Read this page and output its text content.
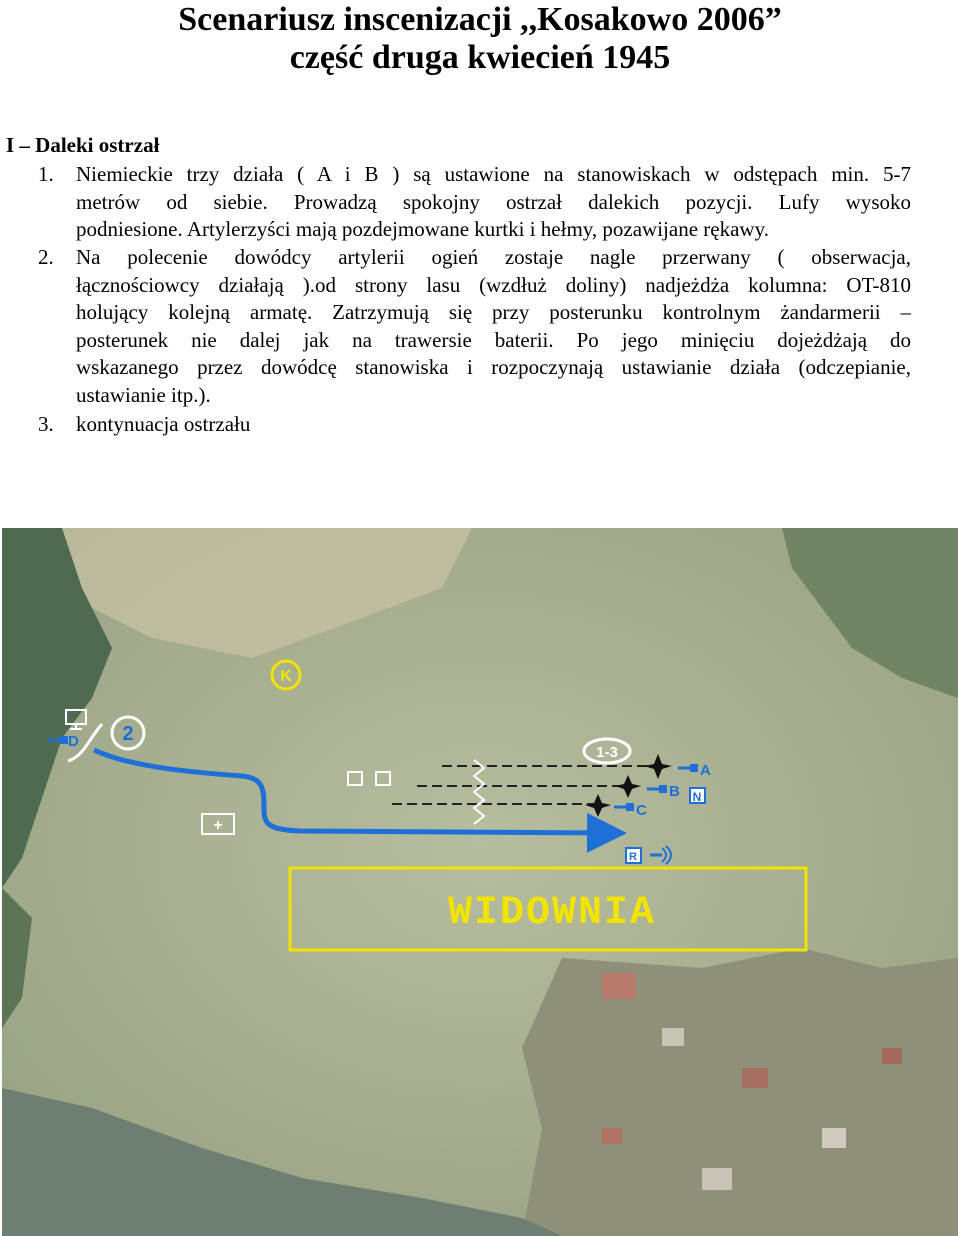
Scenariusz inscenizacji ,,Kosakowo 2006”
część druga kwiecień 1945
I – Daleki ostrzał
1. Niemieckie trzy działa ( A i B ) są ustawione na stanowiskach w odstępach min. 5-7
metrów od siebie. Prowadzą spokojny ostrzał dalekich pozycji. Lufy wysoko
podniesione. Artylerzyści mają pozdejmowane kurtki i hełmy, pozawijane rękawy.
2. Na polecenie dowódcy artylerii ogień zostaje nagle przerwany ( obserwacja,
łącznościowcy działają ).od strony lasu (wzdłuż doliny) nadjeżdża kolumna: OT-810
holujący kolejną armatę. Zatrzymują się przy posterunku kontrolnym żandarmerii –
posterunek nie dalej jak na trawersie baterii. Po jego minięciu dojeżdżają do
wskazanego przez dowódcę stanowiska i rozpoczynają ustawianie działa (odczepianie,
ustawianie itp.).
3. kontynuacja ostrzału
K
D 2
1-3
+
A
B N
C
R
WIDOWNIA
